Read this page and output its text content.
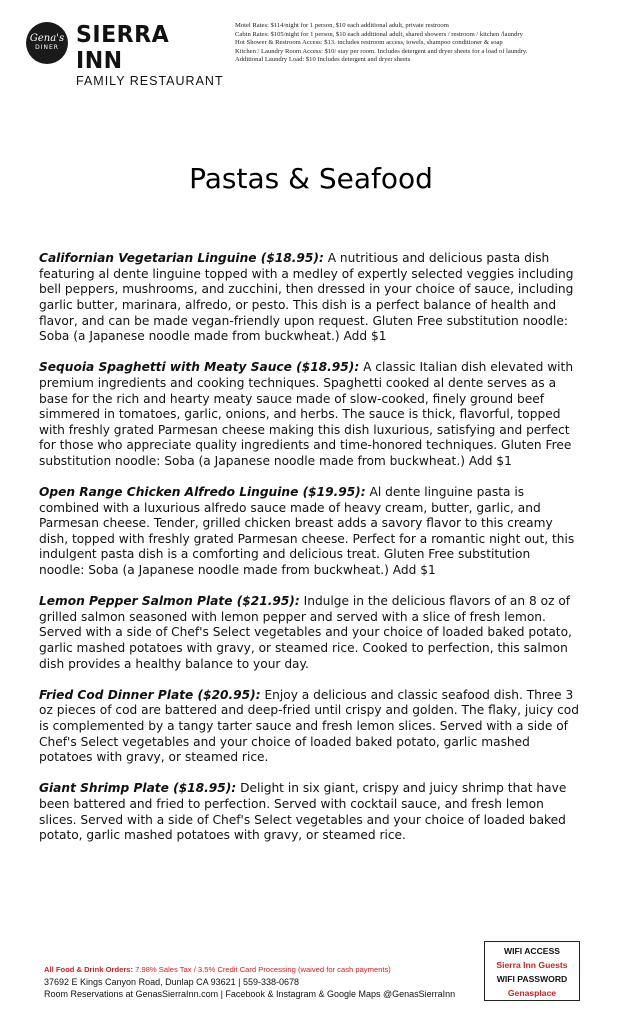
Gena's
DINER SIERRA INN
FAMILY RESTAURANT
Motel Rates: $114/night for 1 person, $10 each additional adult, private restroom
Cabin Rates: $105/night for 1 person, $10 each additional adult, shared showers / restroom / kitchen /laundry
Hot Shower & Restroom Access: $13. includes restroom access, towels, shampoo conditioner & soap
Kitchen / Laundry Room Access: $10/ stay per room. Includes detergent and dryer sheets for a load of laundry.
Additional Laundry Load: $10 Includes detergent and dryer sheets
Pastas & Seafood

Californian Vegetarian Linguine ($18.95): A nutritious and delicious pasta dish featuring al dente linguine topped with a medley of expertly selected veggies including bell peppers, mushrooms, and zucchini, then dressed in your choice of sauce, including garlic butter, marinara, alfredo, or pesto. This dish is a perfect balance of health and flavor, and can be made vegan-friendly upon request. Gluten Free substitution noodle: Soba (a Japanese noodle made from buckwheat.) Add $1

Sequoia Spaghetti with Meaty Sauce ($18.95): A classic Italian dish elevated with premium ingredients and cooking techniques. Spaghetti cooked al dente serves as a base for the rich and hearty meaty sauce made of slow-cooked, finely ground beef simmered in tomatoes, garlic, onions, and herbs. The sauce is thick, flavorful, topped with freshly grated Parmesan cheese making this dish luxurious, satisfying and perfect for those who appreciate quality ingredients and time-honored techniques. Gluten Free substitution noodle: Soba (a Japanese noodle made from buckwheat.) Add $1

Open Range Chicken Alfredo Linguine ($19.95): Al dente linguine pasta is combined with a luxurious alfredo sauce made of heavy cream, butter, garlic, and Parmesan cheese. Tender, grilled chicken breast adds a savory flavor to this creamy dish, topped with freshly grated Parmesan cheese. Perfect for a romantic night out, this indulgent pasta dish is a comforting and delicious treat. Gluten Free substitution noodle: Soba (a Japanese noodle made from buckwheat.) Add $1

Lemon Pepper Salmon Plate ($21.95): Indulge in the delicious flavors of an 8 oz of grilled salmon seasoned with lemon pepper and served with a slice of fresh lemon. Served with a side of Chef's Select vegetables and your choice of loaded baked potato, garlic mashed potatoes with gravy, or steamed rice. Cooked to perfection, this salmon dish provides a healthy balance to your day.

Fried Cod Dinner Plate ($20.95): Enjoy a delicious and classic seafood dish. Three 3 oz pieces of cod are battered and deep-fried until crispy and golden. The flaky, juicy cod is complemented by a tangy tarter sauce and fresh lemon slices. Served with a side of Chef's Select vegetables and your choice of loaded baked potato, garlic mashed potatoes with gravy, or steamed rice.

Giant Shrimp Plate ($18.95): Delight in six giant, crispy and juicy shrimp that have been battered and fried to perfection. Served with cocktail sauce, and fresh lemon slices. Served with a side of Chef's Select vegetables and your choice of loaded baked potato, garlic mashed potatoes with gravy, or steamed rice.

All Food & Drink Orders: 7.98% Sales Tax / 3.5% Credit Card Processing (waived for cash payments)
37692 E Kings Canyon Road, Dunlap CA 93621 | 559-338-0678
Room Reservations at GenasSierraInn.com | Facebook & Instagram & Google Maps @GenasSierraInn
WIFI ACCESS
Sierra Inn Guests
WIFI PASSWORD
Genasplace
